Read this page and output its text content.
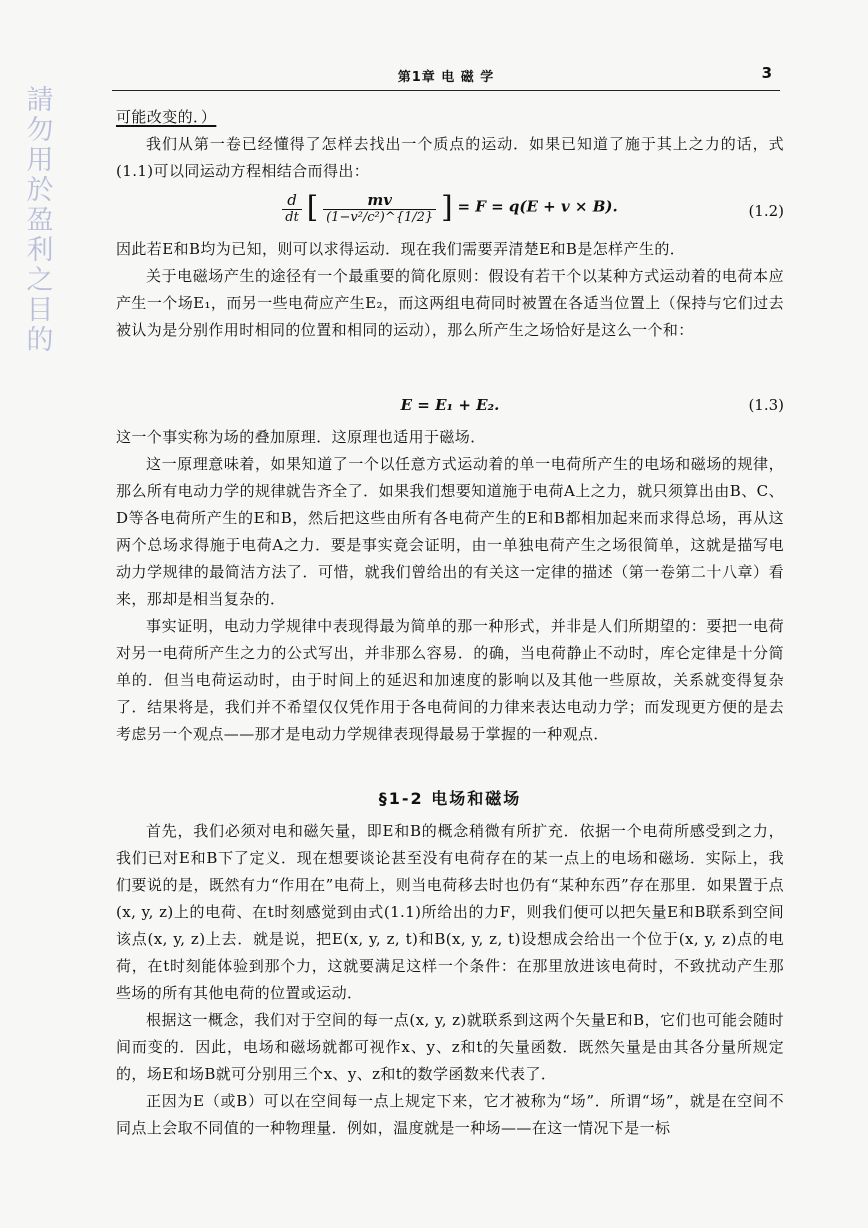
請勿用於盈利之目的
第1章 电 磁 学	3

可能改变的．）

我们从第一卷已经懂得了怎样去找出一个质点的运动．如果已知道了施于其上之力的话，式(1.1)可以同运动方程相结合而得出：

$\frac{d}{dt}$ [ $\frac{mv}{\text{(1−v²/c²)\textasciicircum{}\{1/2\}}}$ ] = F = q(E + v × B).	(1.2)

因此若E和B均为已知，则可以求得运动．现在我们需要弄清楚E和B是怎样产生的．

关于电磁场产生的途径有一个最重要的简化原则：假设有若干个以某种方式运动着的电荷本应产生一个场E₁，而另一些电荷应产生E₂，而这两组电荷同时被置在各适当位置上（保持与它们过去被认为是分别作用时相同的位置和相同的运动），那么所产生之场恰好是这么一个和：

E = E₁ + E₂.	(1.3)

这一个事实称为场的叠加原理．这原理也适用于磁场．

这一原理意味着，如果知道了一个以任意方式运动着的单一电荷所产生的电场和磁场的规律，那么所有电动力学的规律就告齐全了．如果我们想要知道施于电荷A上之力，就只须算出由B、C、D等各电荷所产生的E和B，然后把这些由所有各电荷产生的E和B都相加起来而求得总场，再从这两个总场求得施于电荷A之力．要是事实竟会证明，由一单独电荷产生之场很简单，这就是描写电动力学规律的最简洁方法了．可惜，就我们曾给出的有关这一定律的描述（第一卷第二十八章）看来，那却是相当复杂的．

事实证明，电动力学规律中表现得最为简单的那一种形式，并非是人们所期望的：要把一电荷对另一电荷所产生之力的公式写出，并非那么容易．的确，当电荷静止不动时，库仑定律是十分简单的．但当电荷运动时，由于时间上的延迟和加速度的影响以及其他一些原故，关系就变得复杂了．结果将是，我们并不希望仅仅凭作用于各电荷间的力律来表达电动力学；而发现更方便的是去考虑另一个观点——那才是电动力学规律表现得最易于掌握的一种观点．

§1-2 电场和磁场

首先，我们必须对电和磁矢量，即E和B的概念稍微有所扩充．依据一个电荷所感受到之力，我们已对E和B下了定义．现在想要谈论甚至没有电荷存在的某一点上的电场和磁场．实际上，我们要说的是，既然有力“作用在”电荷上，则当电荷移去时也仍有“某种东西”存在那里．如果置于点(x, y, z)上的电荷、在t时刻感觉到由式(1.1)所给出的力F，则我们便可以把矢量E和B联系到空间该点(x, y, z)上去．就是说，把E(x, y, z, t)和B(x, y, z, t)设想成会给出一个位于(x, y, z)点的电荷，在t时刻能体验到那个力，这就要满足这样一个条件：在那里放进该电荷时，不致扰动产生那些场的所有其他电荷的位置或运动．

根据这一概念，我们对于空间的每一点(x, y, z)就联系到这两个矢量E和B，它们也可能会随时间而变的．因此，电场和磁场就都可视作x、y、z和t的矢量函数．既然矢量是由其各分量所规定的，场E和场B就可分别用三个x、y、z和t的数学函数来代表了．

正因为E（或B）可以在空间每一点上规定下来，它才被称为“场”．所谓“场”，就是在空间不同点上会取不同值的一种物理量．例如，温度就是一种场——在这一情况下是一标
